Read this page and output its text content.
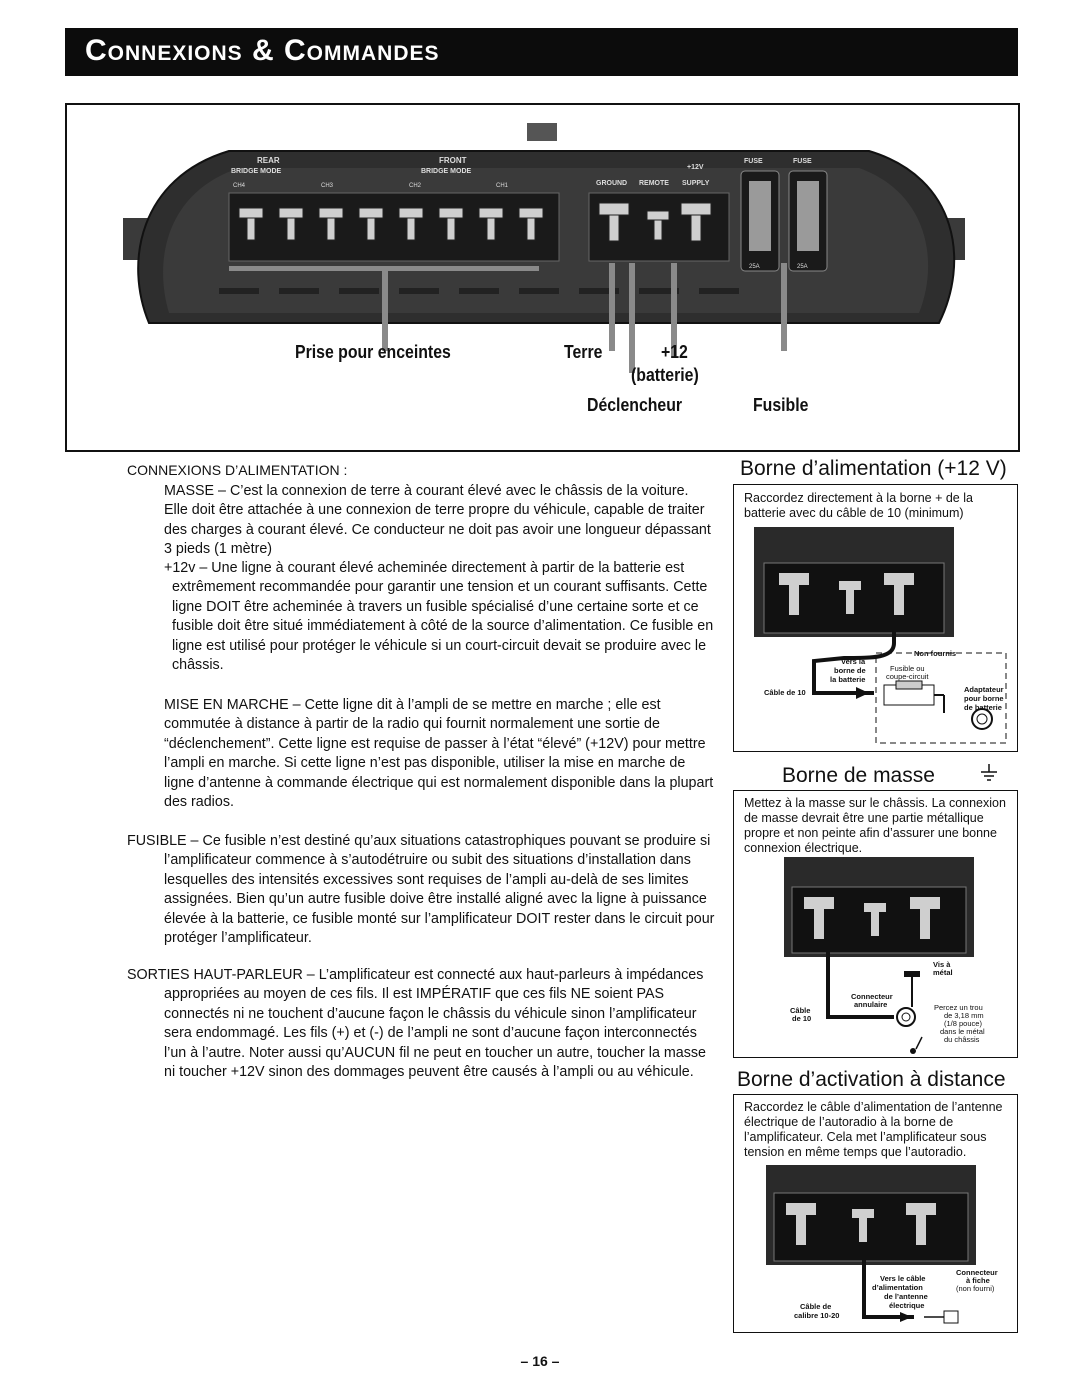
Connexions & Commandes
REAR
BRIDGE MODE
FRONT
BRIDGE MODE
CH4	CH3	CH2	CH1	GROUND REMOTE SUPPLY
+12V
FUSE	FUSE
25A	25A
Prise pour enceintes	Terre	+12
(batterie)
Déclencheur	Fusible
CONNEXIONS D’ALIMENTATION :

MASSE – C’est la connexion de terre à courant élevé avec le châssis de la voiture. Elle doit être attachée à une connexion de terre propre du véhicule, capable de traiter des charges à courant élevé. Ce conducteur ne doit pas avoir une longueur dépassant 3 pieds (1 mètre)

+12v – Une ligne à courant élevé acheminée directement à partir de la batterie est extrêmement recommandée pour garantir une tension et un courant suffisants. Cette ligne DOIT être acheminée à travers un fusible spécialisé d’une certaine sorte et ce fusible doit être situé immédiatement à côté de la source d’alimentation. Ce fusible en ligne est utilisé pour protéger le véhicule si un court-circuit devait se produire avec le châssis.

MISE EN MARCHE – Cette ligne dit à l’ampli de se mettre en marche ; elle est commutée à distance à partir de la radio qui fournit normalement une sortie de “déclenchement”. Cette ligne est requise de passer à l’état “élevé” (+12V) pour mettre l’ampli en marche. Si cette ligne n’est pas disponible, utiliser la mise en marche de ligne d’antenne à commande électrique qui est normalement disponible dans la plupart des radios.

FUSIBLE – Ce fusible n’est destiné qu’aux situations catastrophiques pouvant se produire si l’amplificateur commence à s’autodétruire ou subit des situations d’installation dans lesquelles des intensités excessives sont requises de l’ampli au-delà de ses limites assignées. Bien qu’un autre fusible doive être installé aligné avec la ligne à puissance élevée à la batterie, ce fusible monté sur l’amplificateur DOIT rester dans le circuit pour protéger l’amplificateur.

SORTIES HAUT-PARLEUR – L’amplificateur est connecté aux haut-parleurs à impédances appropriées au moyen de ces fils. Il est IMPÉRATIF que ces fils NE soient PAS connectés ni ne touchent d’aucune façon le châssis du véhicule sinon l’amplificateur sera endommagé. Les fils (+) et (-) de l’ampli ne sont d’aucune façon interconnectés l’un à l’autre. Noter aussi qu’AUCUN fil ne peut en toucher un autre, toucher la masse ni toucher +12V sinon des dommages peuvent être causés à l’ampli ou au véhicule.

Borne d’alimentation (+12 V)
Raccordez directement à la borne + de la batterie avec du câble de 10 (minimum)
Non fournis
Vers la
borne de
la batterie
Fusible ou
coupe-circuit
Câble de 10	Adaptateur
pour borne
de batterie
Borne de masse
Mettez à la masse sur le châssis. La connexion de masse devrait être une partie métallique propre et non peinte afin d’assurer une bonne connexion électrique.
Vis à
métal
Connecteur
annulaire
Câble
de 10
Percez un trou
de 3,18 mm
(1/8 pouce)
dans le métal
du châssis
Borne d’activation à distance
Raccordez le câble d’alimentation de l’antenne électrique de l’autoradio à la borne de l’amplificateur. Cela met l’amplificateur sous tension en même temps que l’autoradio.
Connecteur
à fiche
(non fourni)
Vers le câble
d’alimentation
de l’antenne
électrique
Câble de
calibre 10-20
– 16 –
